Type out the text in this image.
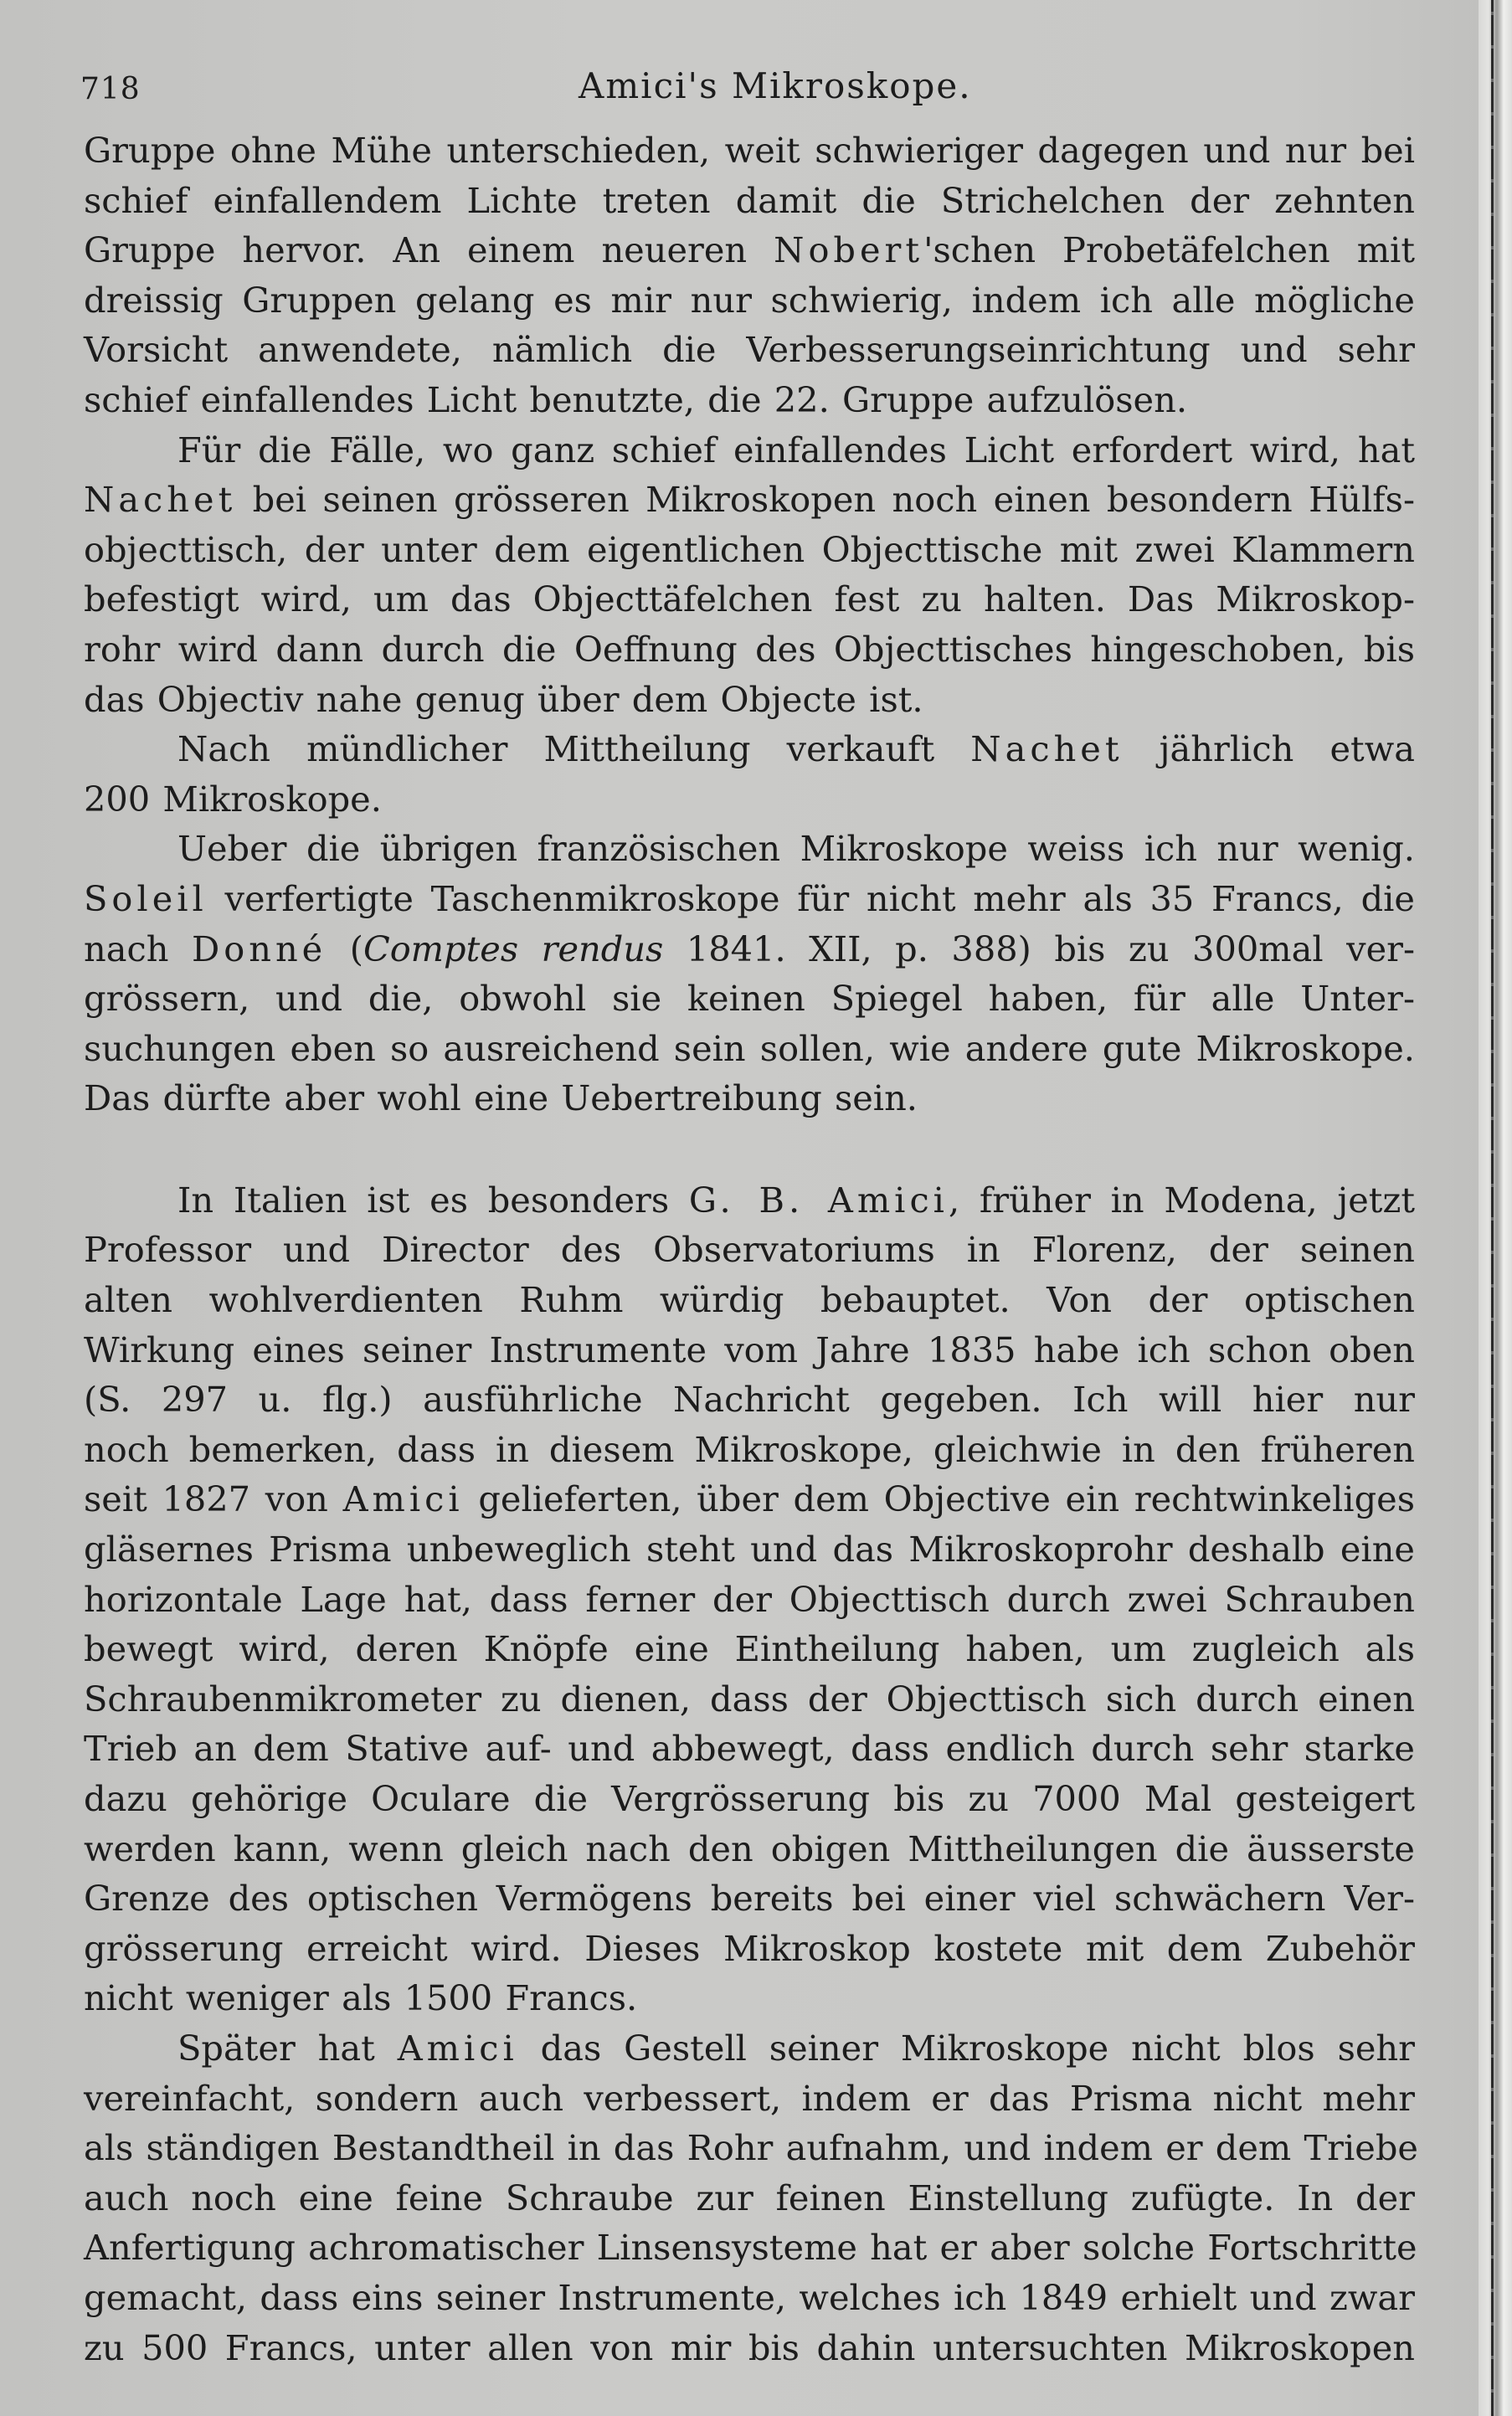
718	Amici's Mikroskope.
Gruppe ohne Mühe unterschieden, weit schwieriger dagegen und nur bei
schief einfallendem Lichte treten damit die Strichelchen der zehnten
Gruppe hervor. An einem neueren Nobert'schen Probetäfelchen mit
dreissig Gruppen gelang es mir nur schwierig, indem ich alle mögliche
Vorsicht anwendete, nämlich die Verbesserungseinrichtung und sehr
schief einfallendes Licht benutzte, die 22. Gruppe aufzulösen.
Für die Fälle, wo ganz schief einfallendes Licht erfordert wird, hat
Nachet bei seinen grösseren Mikroskopen noch einen besondern Hülfs-
objecttisch, der unter dem eigentlichen Objecttische mit zwei Klammern
befestigt wird, um das Objecttäfelchen fest zu halten. Das Mikroskop-
rohr wird dann durch die Oeffnung des Objecttisches hingeschoben, bis
das Objectiv nahe genug über dem Objecte ist.
Nach mündlicher Mittheilung verkauft Nachet jährlich etwa
200 Mikroskope.
Ueber die übrigen französischen Mikroskope weiss ich nur wenig.
Soleil verfertigte Taschenmikroskope für nicht mehr als 35 Francs, die
nach Donné (Comptes rendus 1841. XII, p. 388) bis zu 300mal ver-
grössern, und die, obwohl sie keinen Spiegel haben, für alle Unter-
suchungen eben so ausreichend sein sollen, wie andere gute Mikroskope.
Das dürfte aber wohl eine Uebertreibung sein.
In Italien ist es besonders G. B. Amici, früher in Modena, jetzt
Professor und Director des Observatoriums in Florenz, der seinen
alten wohlverdienten Ruhm würdig bebauptet. Von der optischen
Wirkung eines seiner Instrumente vom Jahre 1835 habe ich schon oben
(S. 297 u. flg.) ausführliche Nachricht gegeben. Ich will hier nur
noch bemerken, dass in diesem Mikroskope, gleichwie in den früheren
seit 1827 von Amici gelieferten, über dem Objective ein rechtwinkeliges
gläsernes Prisma unbeweglich steht und das Mikroskoprohr deshalb eine
horizontale Lage hat, dass ferner der Objecttisch durch zwei Schrauben
bewegt wird, deren Knöpfe eine Eintheilung haben, um zugleich als
Schraubenmikrometer zu dienen, dass der Objecttisch sich durch einen
Trieb an dem Stative auf- und abbewegt, dass endlich durch sehr starke
dazu gehörige Oculare die Vergrösserung bis zu 7000 Mal gesteigert
werden kann, wenn gleich nach den obigen Mittheilungen die äusserste
Grenze des optischen Vermögens bereits bei einer viel schwächern Ver-
grösserung erreicht wird. Dieses Mikroskop kostete mit dem Zubehör
nicht weniger als 1500 Francs.
Später hat Amici das Gestell seiner Mikroskope nicht blos sehr
vereinfacht, sondern auch verbessert, indem er das Prisma nicht mehr
als ständigen Bestandtheil in das Rohr aufnahm, und indem er dem Triebe
auch noch eine feine Schraube zur feinen Einstellung zufügte. In der
Anfertigung achromatischer Linsensysteme hat er aber solche Fortschritte
gemacht, dass eins seiner Instrumente, welches ich 1849 erhielt und zwar
zu 500 Francs, unter allen von mir bis dahin untersuchten Mikroskopen
